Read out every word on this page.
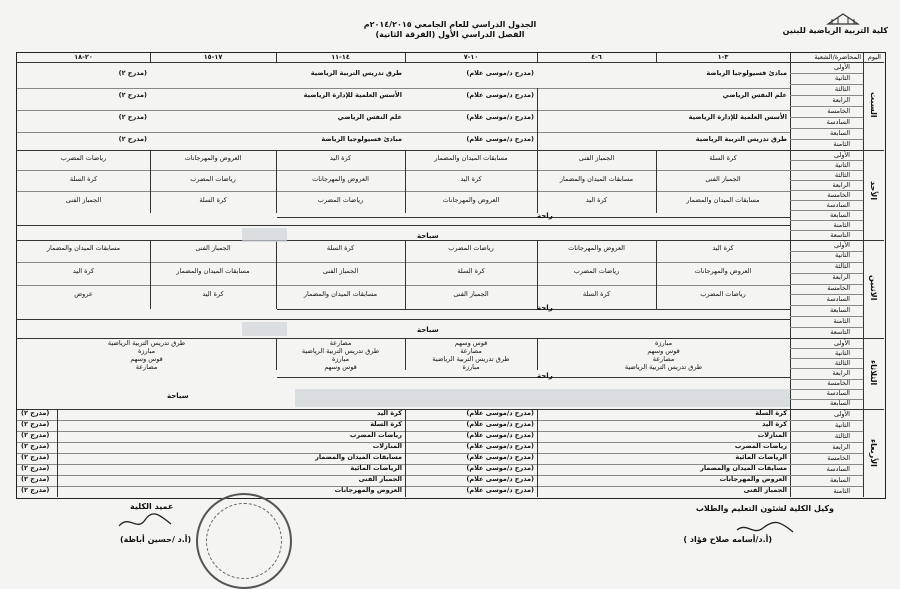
كلية التربية الرياضية للبنين
الجدول الدراسي للعام الجامعي ٢٠١٤/٢٠١٥م
الفصل الدراسي الأول (الفرقة الثانية)
اليوم
المحاضرة/الشعبة
٣-١
٦-٤
١٠-٧
١٤-١١
١٧-١٥
٢٠-١٨
السبت
الأولى
الثانية
الثالثة
الرابعة
الخامسة
السادسة
السابعة
الثامنة
الأحد
الأولى
الثانية
الثالثة
الرابعة
الخامسة
السادسة
السابعة
الثامنة
التاسعة
الاثنين
الأولى
الثانية
الثالثة
الرابعة
الخامسة
السادسة
السابعة
الثامنة
التاسعة
الثلاثاء
الأولى
الثانية
الثالثة
الرابعة
الخامسة
السادسة
السابعة
الأربعاء
الأولى
الثانية
الثالثة
الرابعة
الخامسة
السادسة
السابعة
الثامنة
مبادئ فسيولوجيا الرياضة
(مدرج د/موسى علام)
طرق تدريس التربية الرياضية
(مدرج ٢)
علم النفس الرياضي
(مدرج د/موسى علام)
الأسس العلمية للإدارة الرياضية
(مدرج ٢)
الأسس العلمية للإدارة الرياضية
(مدرج د/موسى علام)
علم النفس الرياضي
(مدرج ٢)
طرق تدريس التربية الرياضية
(مدرج د/موسى علام)
مبادئ فسيولوجيا الرياضة
(مدرج ٢)
كرة السلة
الجمباز الفنى
مسابقات الميدان والمضمار
كرة اليد
العروض والمهرجانات
رياضات المضرب
الجمباز الفنى
مسابقات الميدان والمضمار
كرة اليد
العروض والمهرجانات
رياضات المضرب
كرة السلة
مسابقات الميدان والمضمار
كرة اليد
العروض والمهرجانات
رياضات المضرب
كرة السلة
الجمباز الفنى
كرة اليد
العروض والمهرجانات
رياضات المضرب
كرة السلة
الجمباز الفنى
مسابقات الميدان والمضمار
العروض والمهرجانات
رياضات المضرب
كرة السلة
الجمباز الفنى
مسابقات الميدان والمضمار
كرة اليد
رياضات المضرب
كرة السلة
الجمباز الفنى
مسابقات الميدان والمضمار
كرة اليد
عروض
راحة
سباحة
راحة
سباحة
مبارزة
قوس وسهم
مصارعة
طرق تدريس التربية الرياضية
قوس وسهم
مصارعة
طرق تدريس التربية الرياضية
مبارزة
مصارعة
طرق تدريس التربية الرياضية
مبارزة
قوس وسهم
طرق تدريس التربية الرياضية
مبارزة
قوس وسهم
مصارعة
راحة
سباحة
كرة السلة
(مدرج د/موسى علام)
كرة اليد
(مدرج ٢)
كرة اليد
(مدرج د/موسى علام)
كرة السلة
(مدرج ٢)
المنازلات
(مدرج د/موسى علام)
رياضات المضرب
(مدرج ٢)
رياضات المضرب
(مدرج د/موسى علام)
المنازلات
(مدرج ٢)
الرياضات المائية
(مدرج د/موسى علام)
مسابقات الميدان والمضمار
(مدرج ٢)
مسابقات الميدان والمضمار
(مدرج د/موسى علام)
الرياضات المائية
(مدرج ٢)
العروض والمهرجانات
(مدرج د/موسى علام)
الجمباز الفنى
(مدرج ٢)
الجمباز الفنى
(مدرج د/موسى علام)
العروض والمهرجانات
(مدرج ٢)
وكيل الكلية لشئون التعليم والطلاب
( أ.د/أسامه صلاح فؤاد)
عميد الكلية
(أ.د /حسين أباظة)
